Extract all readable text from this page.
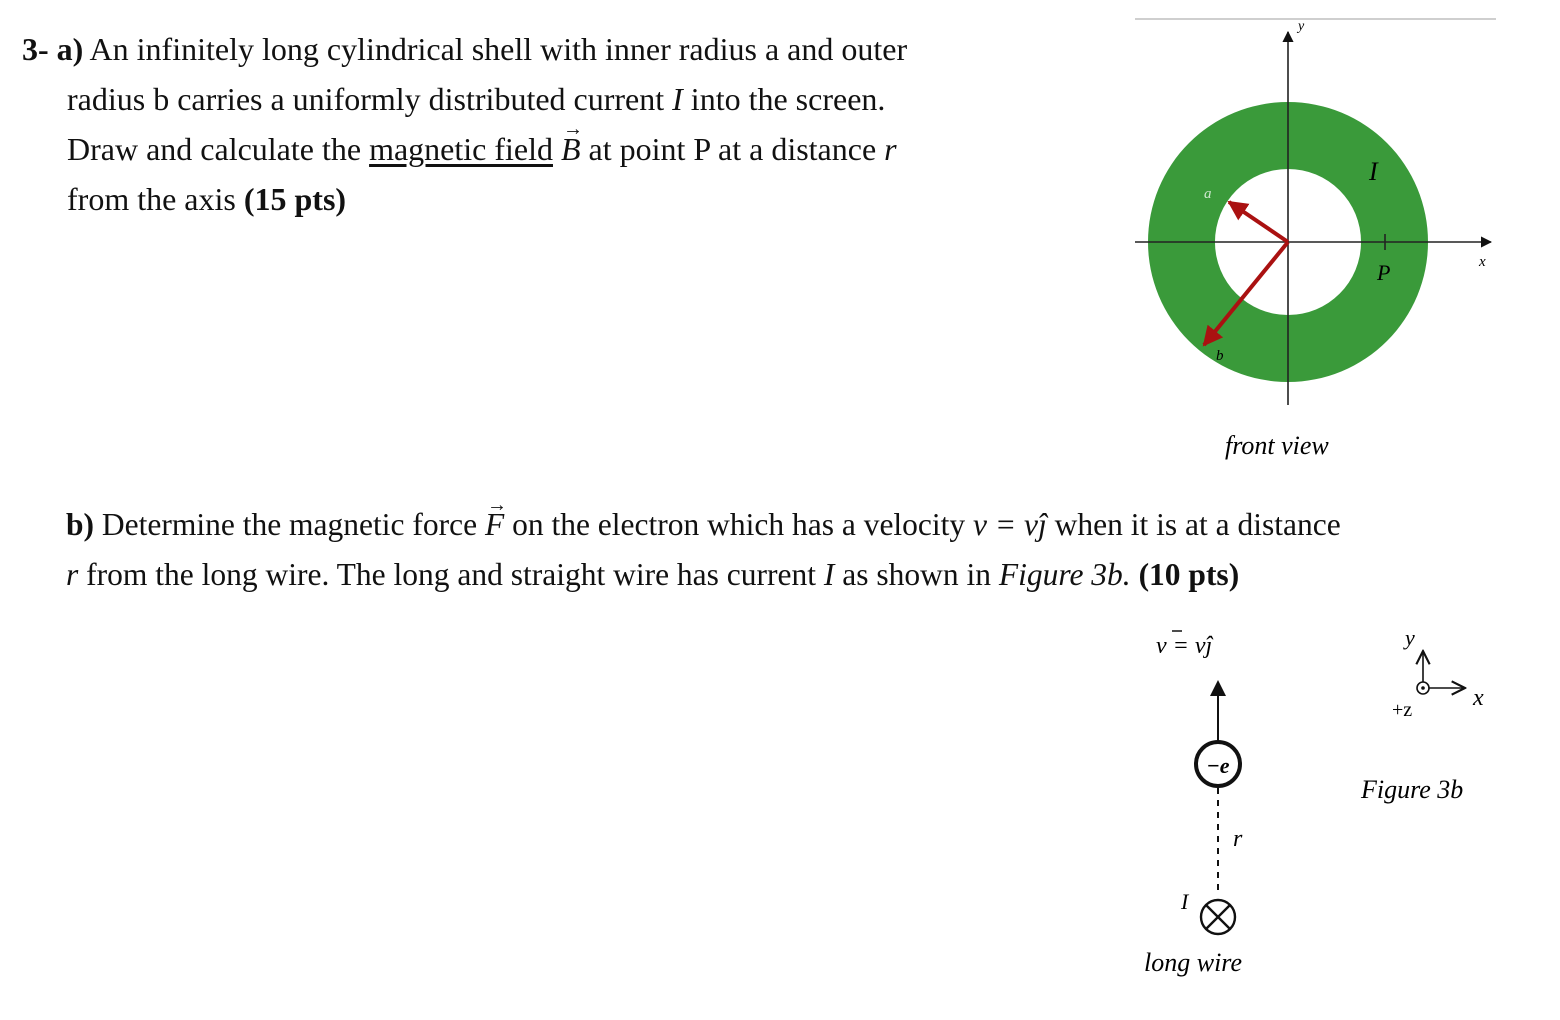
3- a) An infinitely long cylindrical shell with inner radius a and outer
radius b carries a uniformly distributed current I into the screen.
Draw and calculate the magnetic field → B at point P at a distance r
from the axis (15 pts)
b) Determine the magnetic force → F on the electron which has a velocity v = vĵ when it is at a distance
r from the long wire. The long and straight wire has current I as shown in Figure 3b. (10 pts)
y
x
a
b
I
P
front view
v = vĵ
−e
r
I
long wire
y
x
+z
Figure 3b
